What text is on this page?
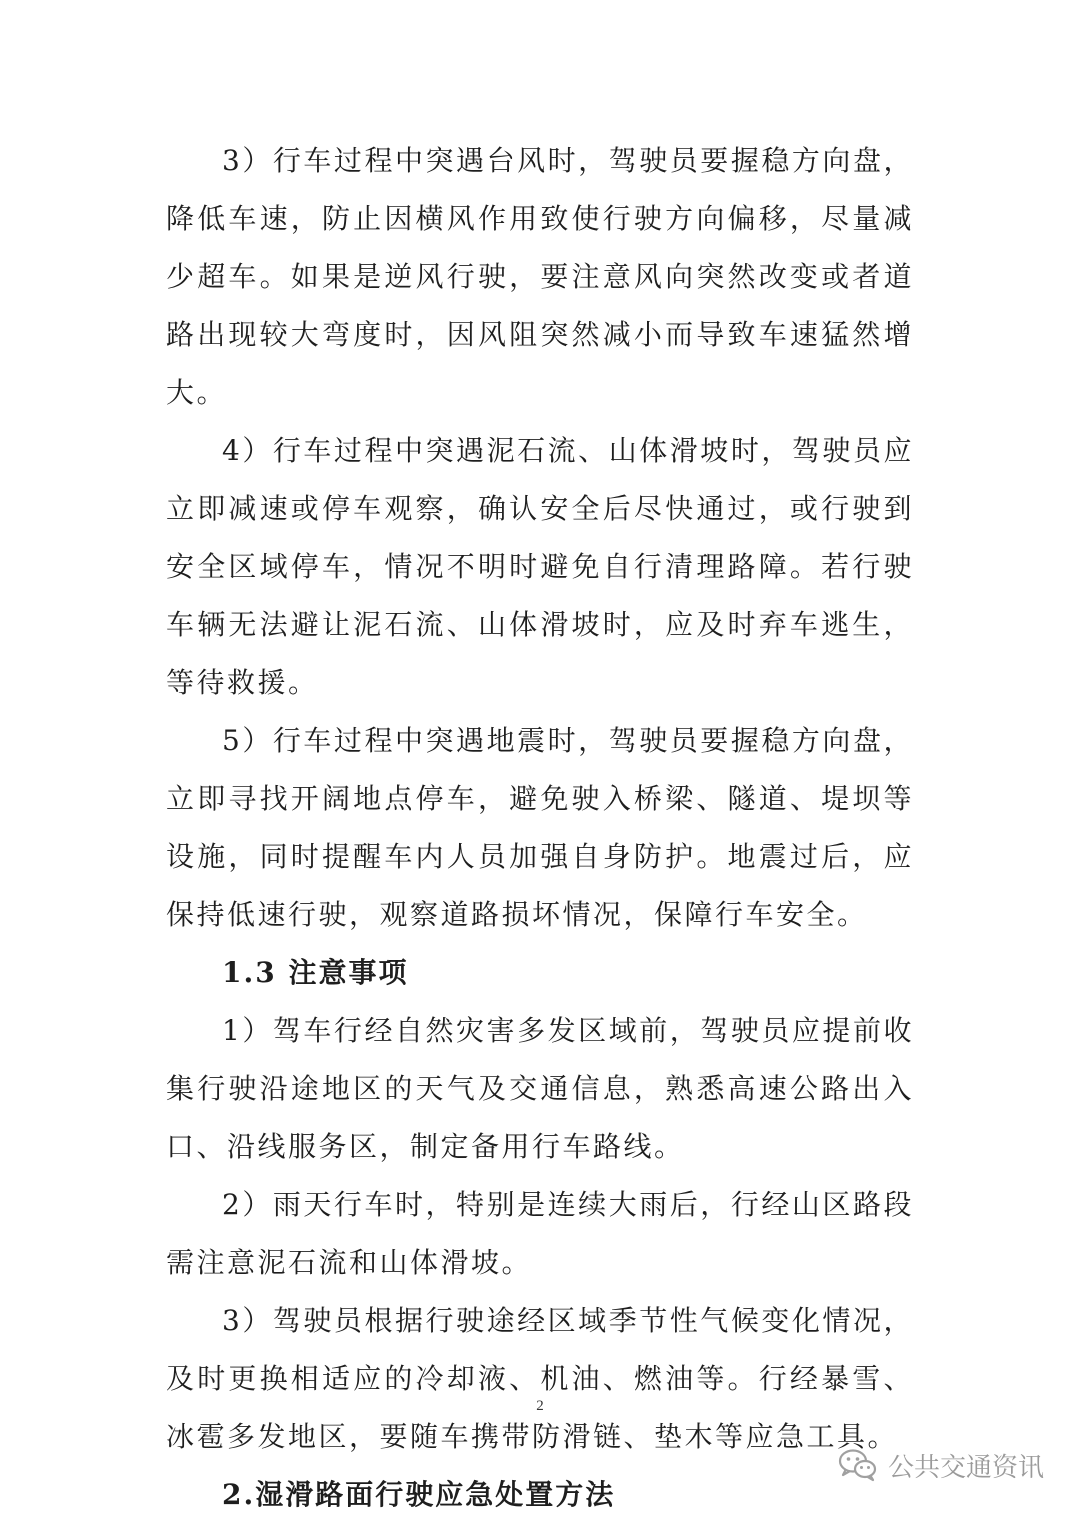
3）行车过程中突遇台风时，驾驶员要握稳方向盘，降低车速，防止因横风作用致使行驶方向偏移，尽量减少超车。如果是逆风行驶，要注意风向突然改变或者道路出现较大弯度时，因风阻突然减小而导致车速猛然增大。

4）行车过程中突遇泥石流、山体滑坡时，驾驶员应立即减速或停车观察，确认安全后尽快通过，或行驶到安全区域停车，情况不明时避免自行清理路障。若行驶车辆无法避让泥石流、山体滑坡时，应及时弃车逃生，等待救援。

5）行车过程中突遇地震时，驾驶员要握稳方向盘，立即寻找开阔地点停车，避免驶入桥梁、隧道、堤坝等设施，同时提醒车内人员加强自身防护。地震过后，应保持低速行驶，观察道路损坏情况，保障行车安全。

1.3 注意事项

1）驾车行经自然灾害多发区域前，驾驶员应提前收集行驶沿途地区的天气及交通信息，熟悉高速公路出入口、沿线服务区，制定备用行车路线。

2）雨天行车时，特别是连续大雨后，行经山区路段需注意泥石流和山体滑坡。

3）驾驶员根据行驶途经区域季节性气候变化情况，及时更换相适应的冷却液、机油、燃油等。行经暴雪、冰雹多发地区，要随车携带防滑链、垫木等应急工具。

2.湿滑路面行驶应急处置方法

2
公共交通资讯
